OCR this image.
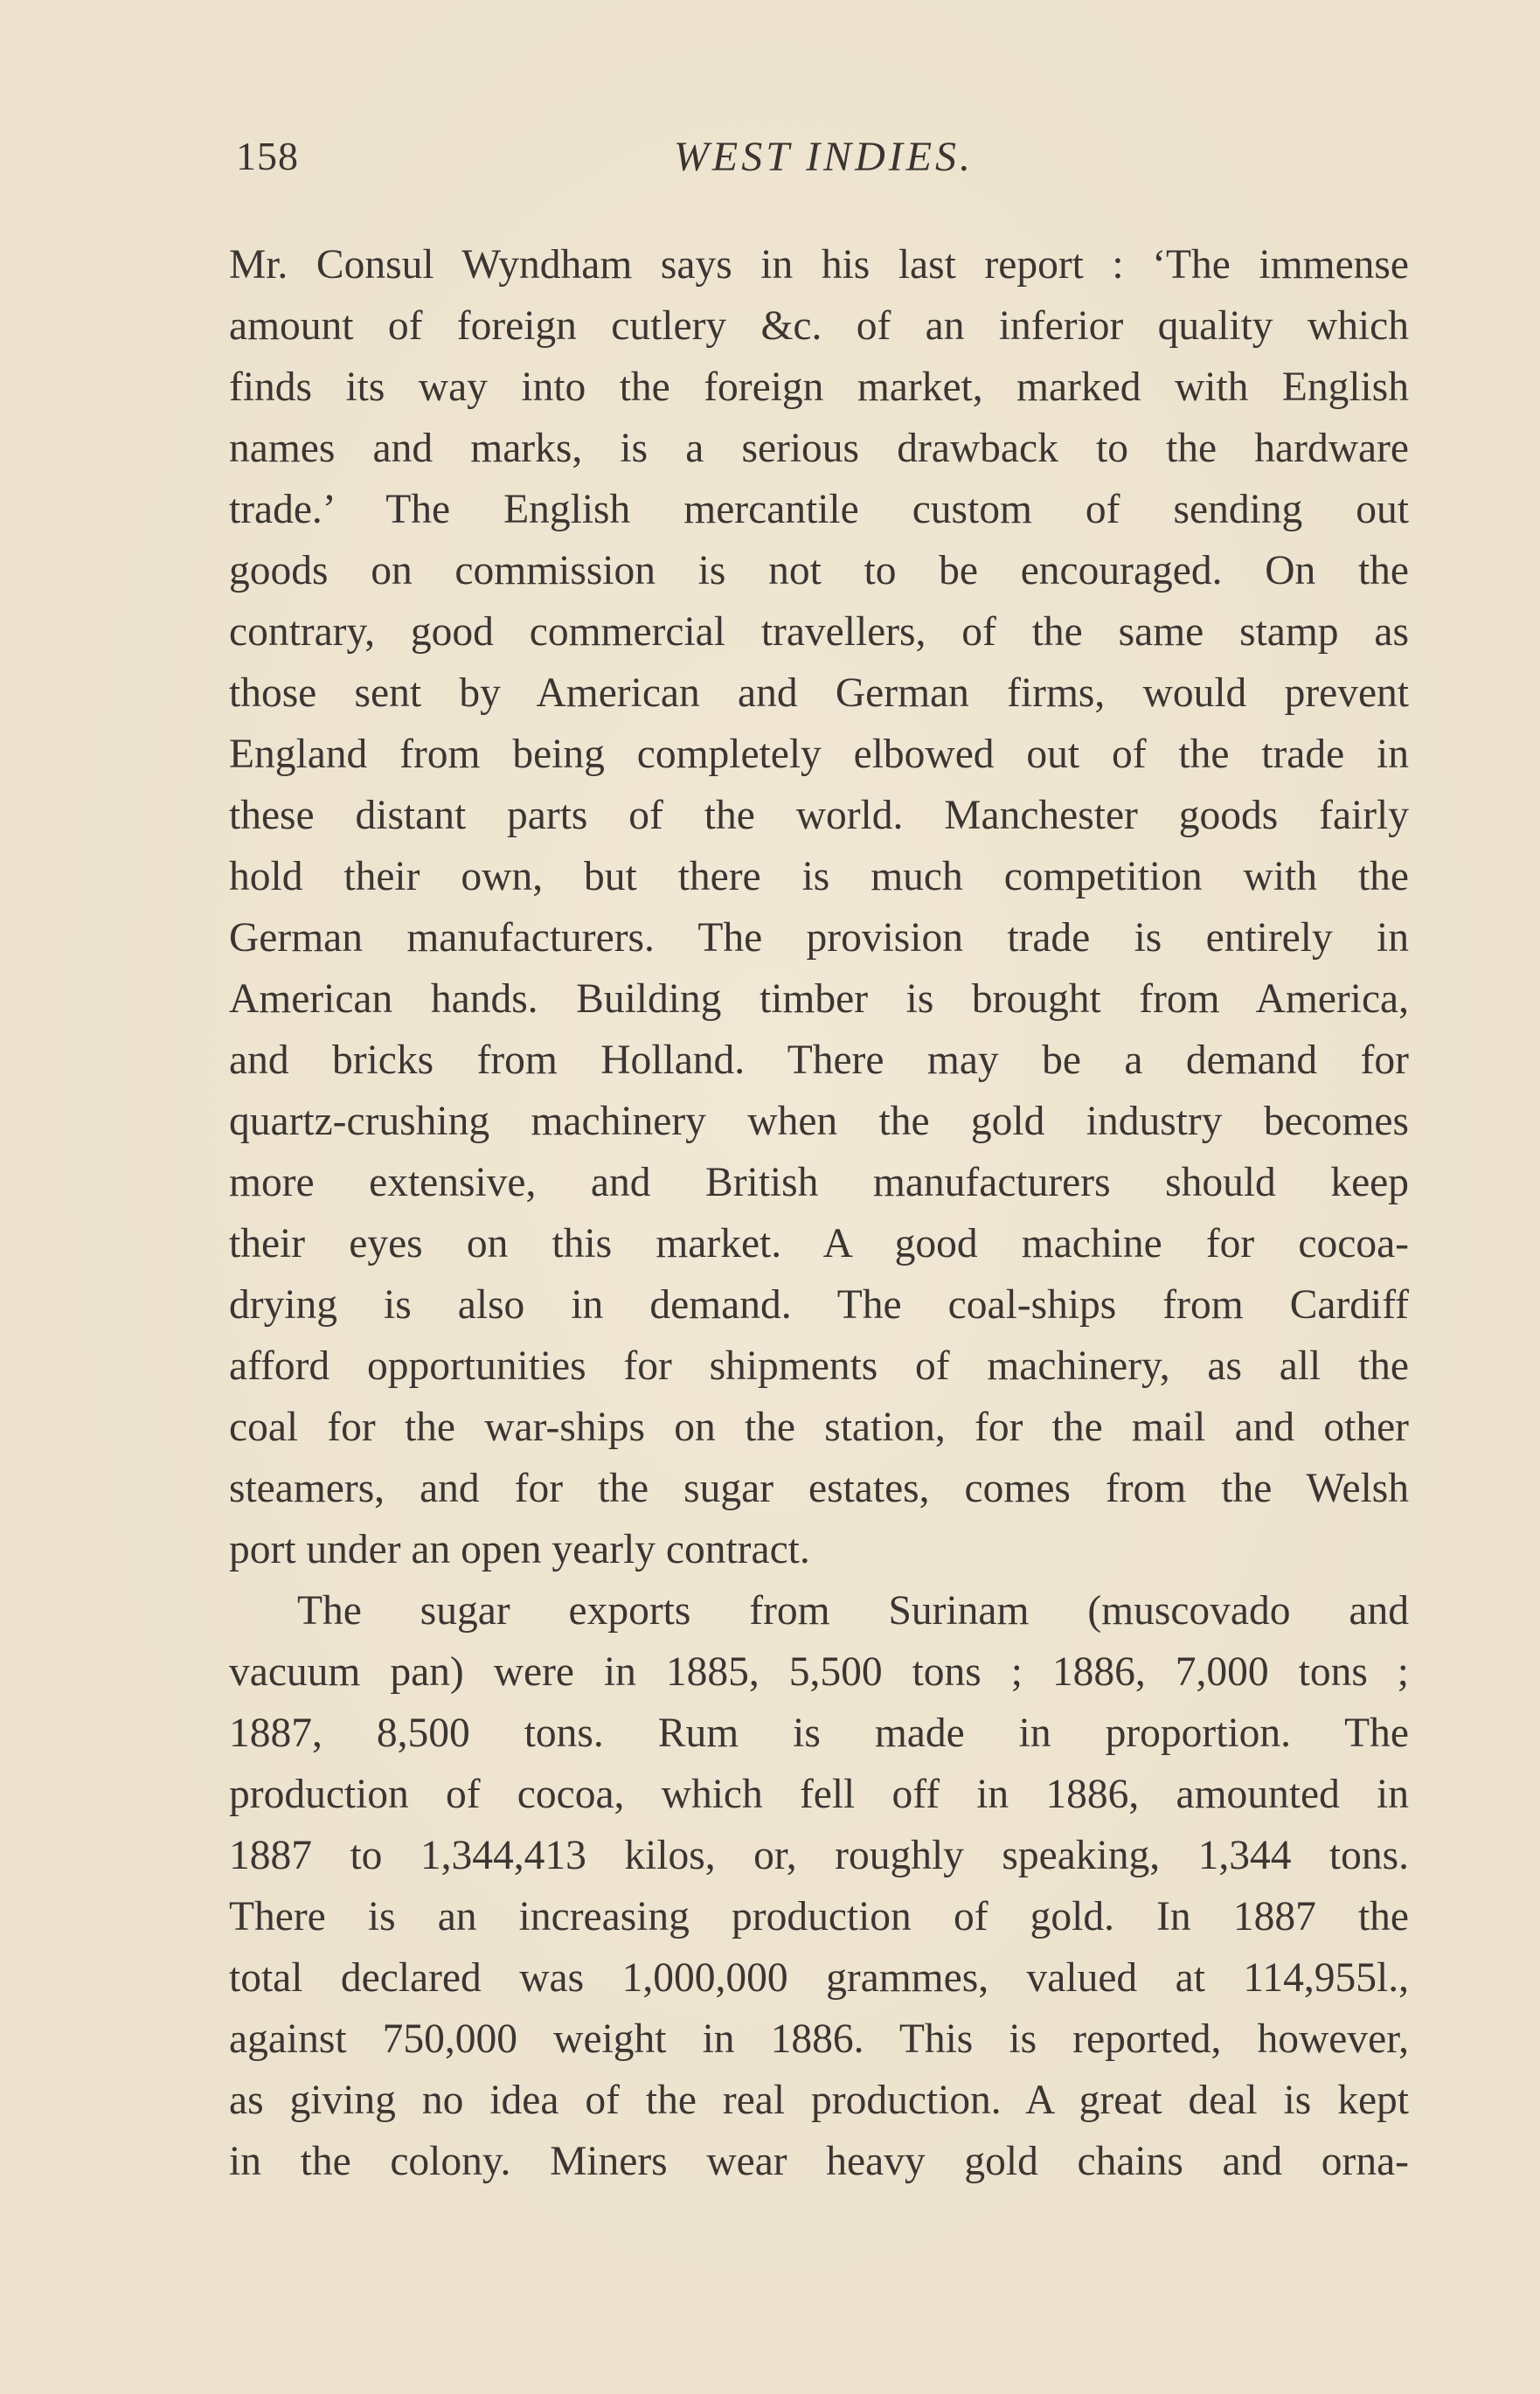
158	WEST INDIES.
Mr. Consul Wyndham says in his last report : ‘The immense
amount of foreign cutlery &c. of an inferior quality which
finds its way into the foreign market, marked with English
names and marks, is a serious drawback to the hardware
trade.’ The English mercantile custom of sending out
goods on commission is not to be encouraged. On the
contrary, good commercial travellers, of the same stamp as
those sent by American and German firms, would prevent
England from being completely elbowed out of the trade in
these distant parts of the world. Manchester goods fairly
hold their own, but there is much competition with the
German manufacturers. The provision trade is entirely in
American hands. Building timber is brought from America,
and bricks from Holland. There may be a demand for
quartz-crushing machinery when the gold industry becomes
more extensive, and British manufacturers should keep
their eyes on this market. A good machine for cocoa-
drying is also in demand. The coal-ships from Cardiff
afford opportunities for shipments of machinery, as all the
coal for the war-ships on the station, for the mail and other
steamers, and for the sugar estates, comes from the Welsh
port under an open yearly contract.
The sugar exports from Surinam (muscovado and
vacuum pan) were in 1885, 5,500 tons ; 1886, 7,000 tons ;
1887, 8,500 tons. Rum is made in proportion. The
production of cocoa, which fell off in 1886, amounted in
1887 to 1,344,413 kilos, or, roughly speaking, 1,344 tons.
There is an increasing production of gold. In 1887 the
total declared was 1,000,000 grammes, valued at 114,955l.,
against 750,000 weight in 1886. This is reported, however,
as giving no idea of the real production. A great deal is kept
in the colony. Miners wear heavy gold chains and orna-
